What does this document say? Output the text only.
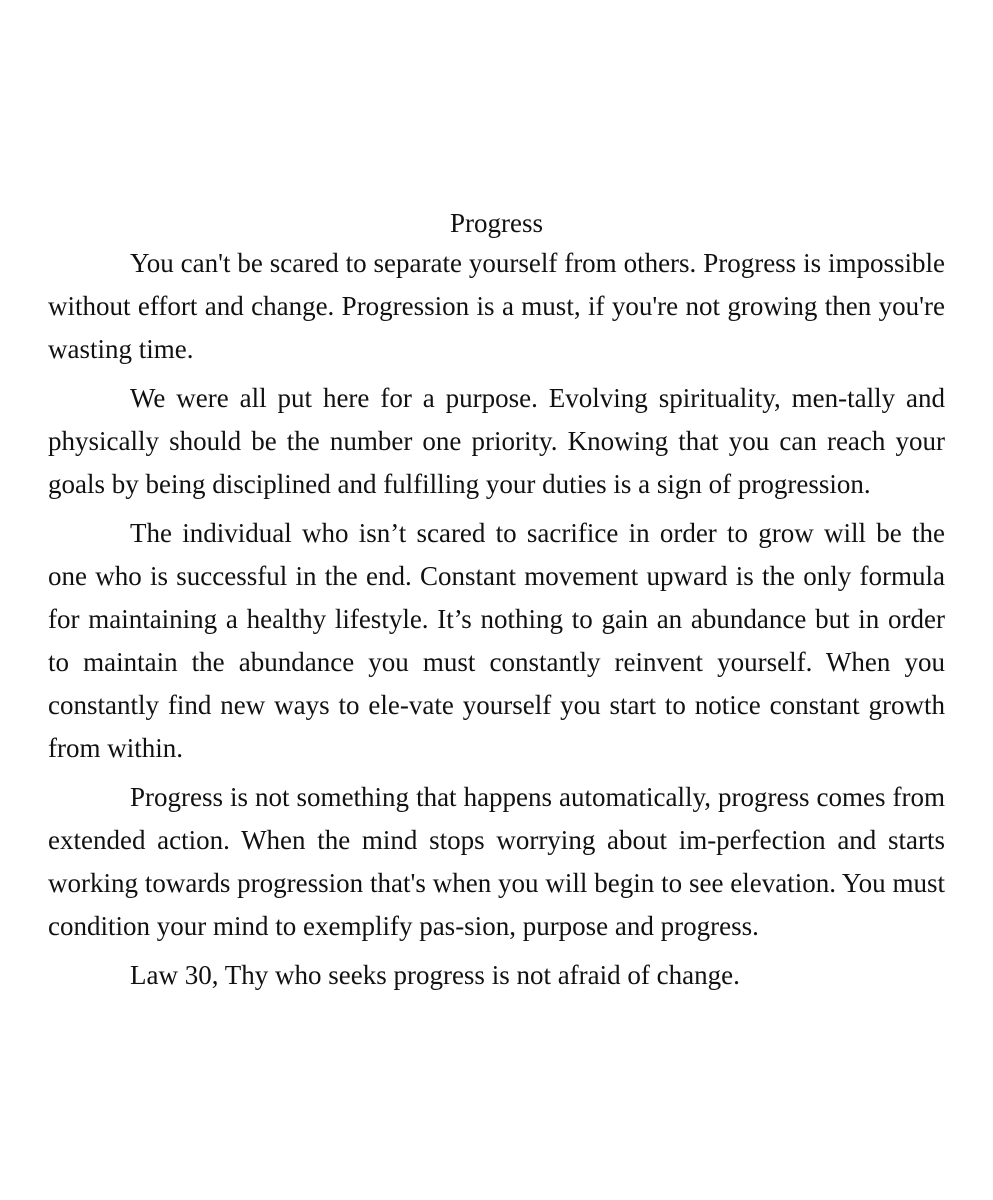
Progress

You can't be scared to separate yourself from others. Progress is impossible without effort and change. Progression is a must, if you're not growing then you're wasting time.

We were all put here for a purpose. Evolving spirituality, men-tally and physically should be the number one priority. Knowing that you can reach your goals by being disciplined and fulfilling your duties is a sign of progression.

The individual who isn’t scared to sacrifice in order to grow will be the one who is successful in the end. Constant movement upward is the only formula for maintaining a healthy lifestyle. It’s nothing to gain an abundance but in order to maintain the abundance you must constantly reinvent yourself. When you constantly find new ways to ele-vate yourself you start to notice constant growth from within.

Progress is not something that happens automatically, progress comes from extended action. When the mind stops worrying about im-perfection and starts working towards progression that's when you will begin to see elevation. You must condition your mind to exemplify pas-sion, purpose and progress.

Law 30, Thy who seeks progress is not afraid of change.
